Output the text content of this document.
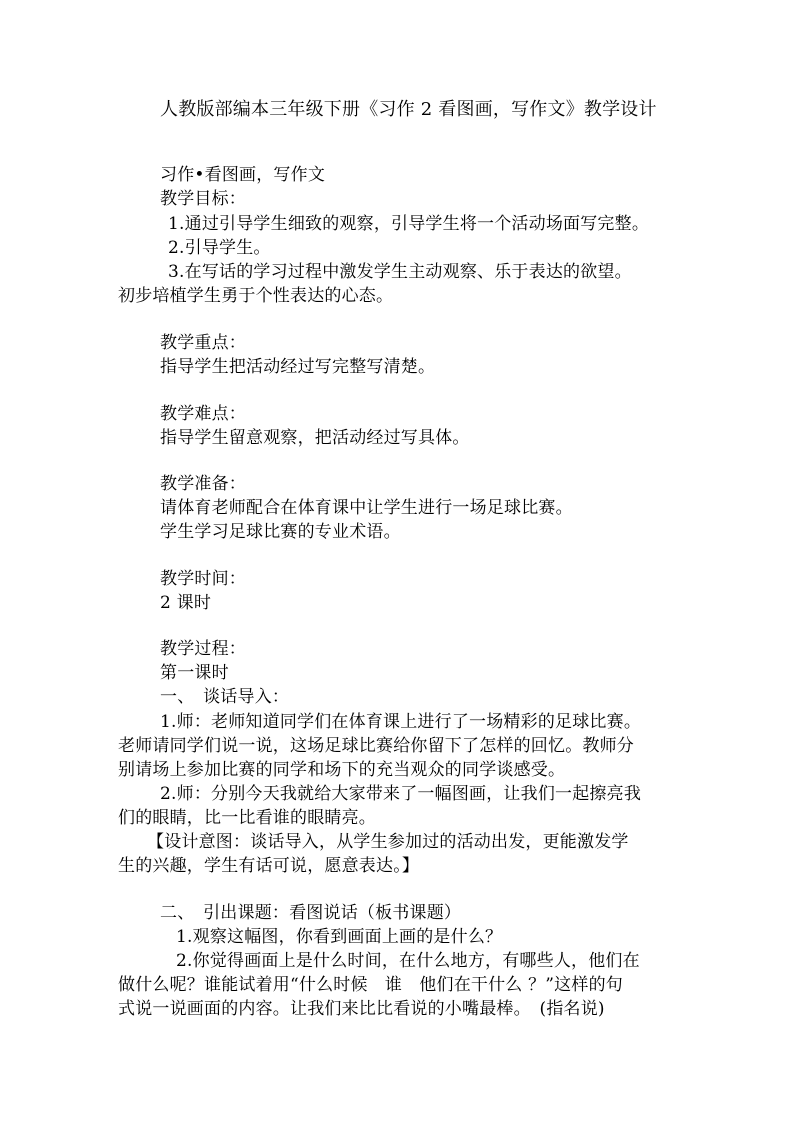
人教版部编本三年级下册《习作 2 看图画，写作文》教学设计
习作•看图画，写作文
教学目标：
1.通过引导学生细致的观察，引导学生将一个活动场面写完整。
2.引导学生。
3.在写话的学习过程中激发学生主动观察、乐于表达的欲望。
初步培植学生勇于个性表达的心态。
教学重点：
指导学生把活动经过写完整写清楚。
教学难点：
指导学生留意观察，把活动经过写具体。
教学准备：
请体育老师配合在体育课中让学生进行一场足球比赛。
学生学习足球比赛的专业术语。
教学时间：
2 课时
教学过程：
第一课时
一、　谈话导入：
1.师：老师知道同学们在体育课上进行了一场精彩的足球比赛。
老师请同学们说一说，这场足球比赛给你留下了怎样的回忆。教师分
别请场上参加比赛的同学和场下的充当观众的同学谈感受。
2.师：分别今天我就给大家带来了一幅图画，让我们一起擦亮我
们的眼睛，比一比看谁的眼睛亮。
【设计意图：谈话导入，从学生参加过的活动出发，更能激发学
生的兴趣，学生有话可说，愿意表达。】
二、　引出课题：看图说话（板书课题）
1.观察这幅图，你看到画面上画的是什么？
2.你觉得画面上是什么时间，在什么地方，有哪些人，他们在
做什么呢？谁能试着用“什么时候　谁　他们在干什么 ？”这样的句
式说一说画面的内容。让我们来比比看说的小嘴最棒。　(指名说)
